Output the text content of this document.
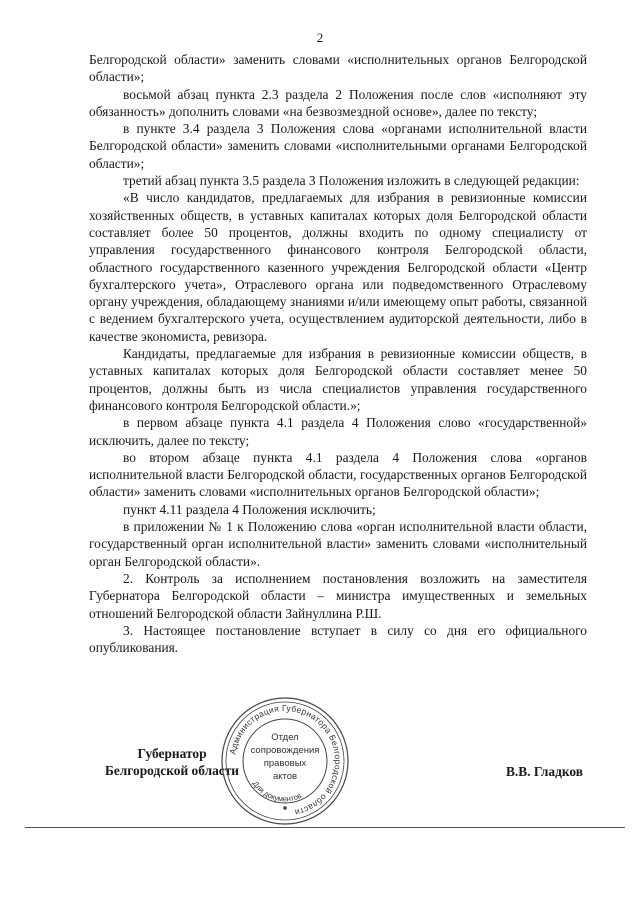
2

Белгородской области» заменить словами «исполнительных органов Белгородской области»;

восьмой абзац пункта 2.3 раздела 2 Положения после слов «исполняют эту обязанность» дополнить словами «на безвозмездной основе», далее по тексту;

в пункте 3.4 раздела 3 Положения слова «органами исполнительной власти Белгородской области» заменить словами «исполнительными органами Белгородской области»;

третий абзац пункта 3.5 раздела 3 Положения изложить в следующей редакции:

«В число кандидатов, предлагаемых для избрания в ревизионные комиссии хозяйственных обществ, в уставных капиталах которых доля Белгородской области составляет более 50 процентов, должны входить по одному специалисту от управления государственного финансового контроля Белгородской области, областного государственного казенного учреждения Белгородской области «Центр бухгалтерского учета», Отраслевого органа или подведомственного Отраслевому органу учреждения, обладающему знаниями и/или имеющему опыт работы, связанной с ведением бухгалтерского учета, осуществлением аудиторской деятельности, либо в качестве экономиста, ревизора.

Кандидаты, предлагаемые для избрания в ревизионные комиссии обществ, в уставных капиталах которых доля Белгородской области составляет менее 50 процентов, должны быть из числа специалистов управления государственного финансового контроля Белгородской области.»;

в первом абзаце пункта 4.1 раздела 4 Положения слово «государственной» исключить, далее по тексту;

во втором абзаце пункта 4.1 раздела 4 Положения слова «органов исполнительной власти Белгородской области, государственных органов Белгородской области» заменить словами «исполнительных органов Белгородской области»;

пункт 4.11 раздела 4 Положения исключить;

в приложении № 1 к Положению слова «орган исполнительной власти области, государственный орган исполнительной власти» заменить словами «исполнительный орган Белгородской области».

2. Контроль за исполнением постановления возложить на заместителя Губернатора Белгородской области – министра имущественных и земельных отношений Белгородской области Зайнуллина Р.Ш.

3. Настоящее постановление вступает в силу со дня его официального опубликования.

Губернатор
Белгородской области	В.В. Гладков
Администрация Губернатора Белгородской области
Отдел
сопровождения
правовых
актов
Для документов
